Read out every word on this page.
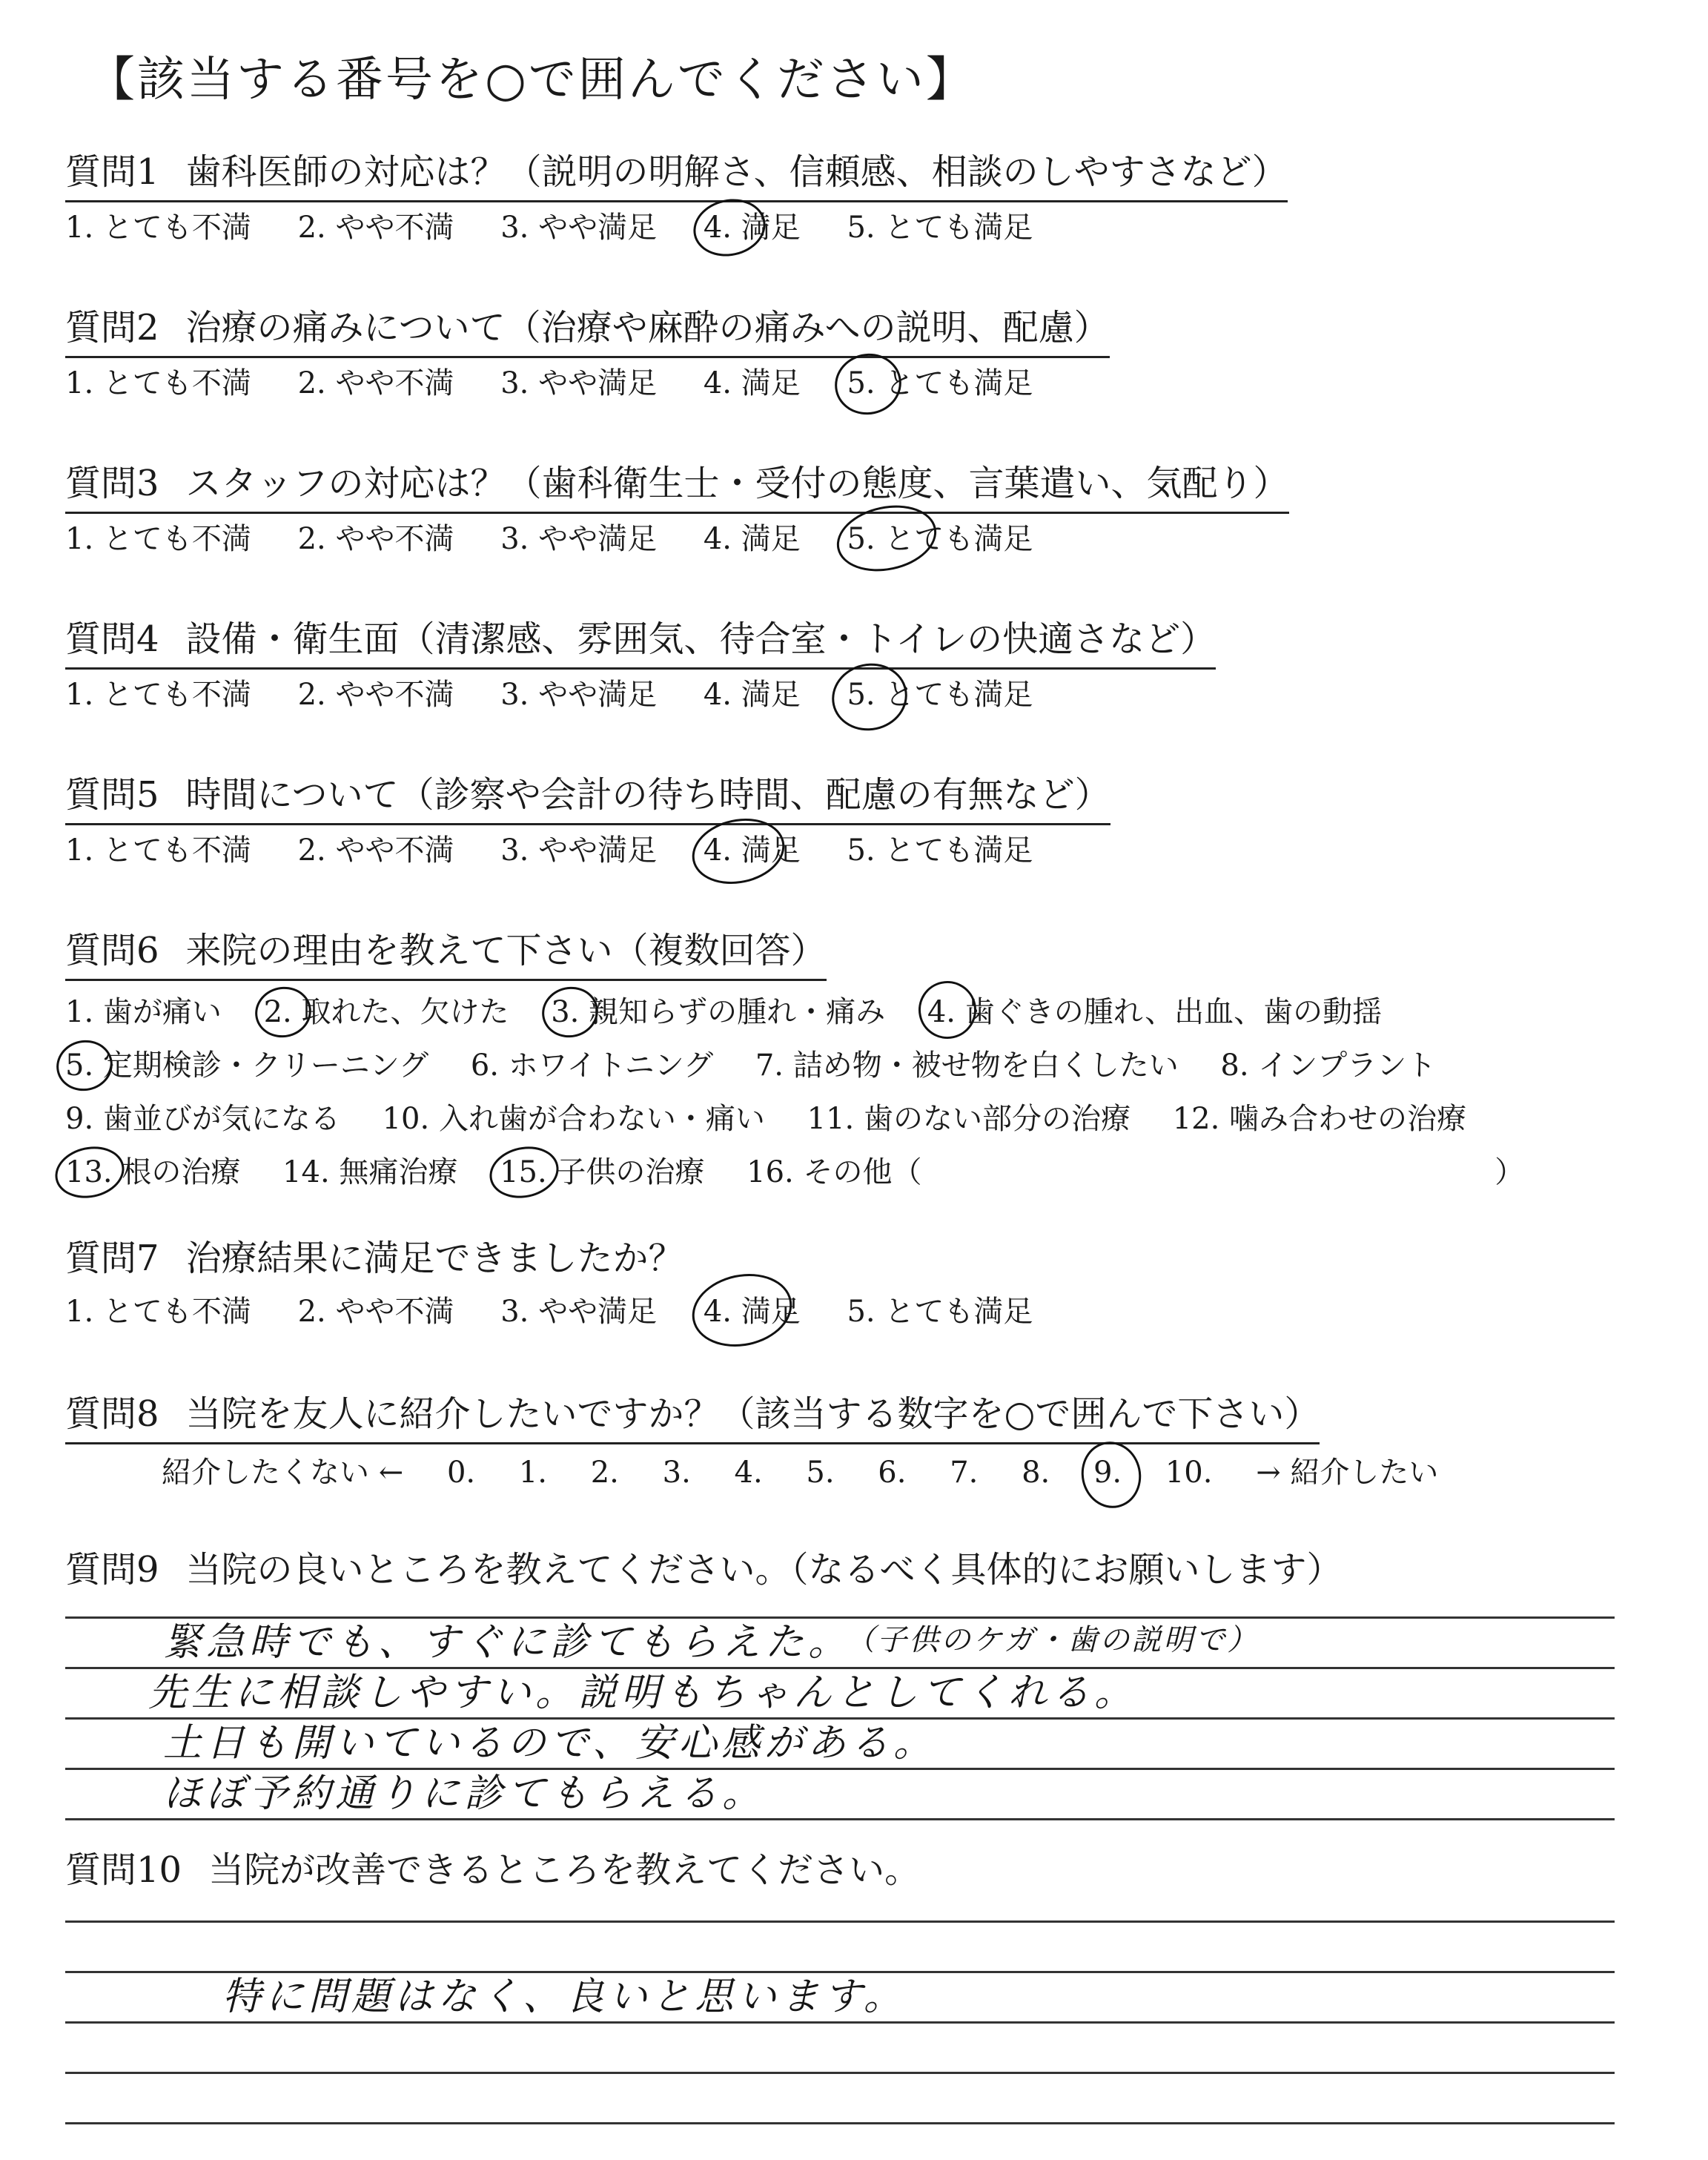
【該当する番号を○で囲んでください】
質問1 歯科医師の対応は？（説明の明解さ、信頼感、相談のしやすさなど）
1. とても不満 2. やや不満 3. やや満足 4. 満足 5. とても満足
質問2 治療の痛みについて（治療や麻酔の痛みへの説明、配慮）
1. とても不満 2. やや不満 3. やや満足 4. 満足 5. とても満足
質問3 スタッフの対応は？（歯科衛生士・受付の態度、言葉遣い、気配り）
1. とても不満 2. やや不満 3. やや満足 4. 満足 5. とても満足
質問4 設備・衛生面（清潔感、雰囲気、待合室・トイレの快適さなど）
1. とても不満 2. やや不満 3. やや満足 4. 満足 5. とても満足
質問5 時間について（診察や会計の待ち時間、配慮の有無など）
1. とても不満 2. やや不満 3. やや満足 4. 満足 5. とても満足
質問6 来院の理由を教えて下さい（複数回答）
1. 歯が痛い 2. 取れた、欠けた 3. 親知らずの腫れ・痛み 4. 歯ぐきの腫れ、出血、歯の動揺
5. 定期検診・クリーニング 6. ホワイトニング 7. 詰め物・被せ物を白くしたい 8. インプラント
9. 歯並びが気になる 10. 入れ歯が合わない・痛い 11. 歯のない部分の治療 12. 噛み合わせの治療
13. 根の治療 14. 無痛治療 15. 子供の治療 16. その他（	）
質問7 治療結果に満足できましたか？
1. とても不満 2. やや不満 3. やや満足 4. 満足 5. とても満足
質問8 当院を友人に紹介したいですか？（該当する数字を○で囲んで下さい）
紹介したくない ← 0. 1. 2. 3. 4. 5. 6. 7. 8. 9. 10. → 紹介したい
質問9 当院の良いところを教えてください。（なるべく具体的にお願いします）
緊急時でも、すぐに診てもらえた。
（子供のケガ・歯の説明で）
先生に相談しやすい。説明もちゃんとしてくれる。
土日も開いているので、安心感がある。
ほぼ予約通りに診てもらえる。
質問10 当院が改善できるところを教えてください。
特に問題はなく、良いと思います。
